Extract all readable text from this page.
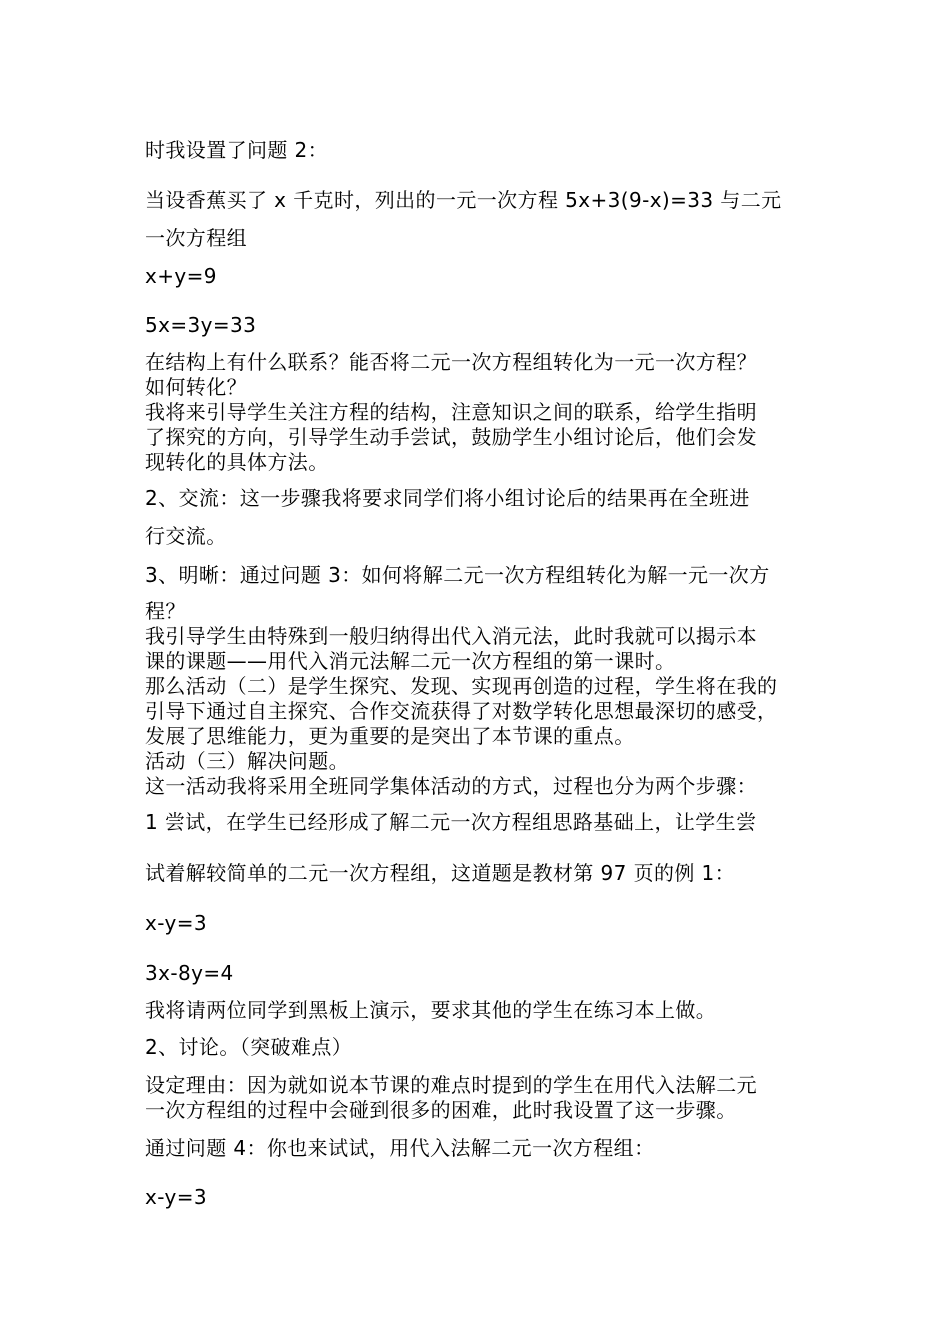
时我设置了问题 2：
当设香蕉买了 x 千克时，列出的一元一次方程 5x+3(9-x)=33 与二元
一次方程组
x+y=9
5x=3y=33
在结构上有什么联系？能否将二元一次方程组转化为一元一次方程？
如何转化？
我将来引导学生关注方程的结构，注意知识之间的联系，给学生指明
了探究的方向，引导学生动手尝试，鼓励学生小组讨论后，他们会发
现转化的具体方法。
2、交流：这一步骤我将要求同学们将小组讨论后的结果再在全班进
行交流。
3、明晰：通过问题 3：如何将解二元一次方程组转化为解一元一次方
程？
我引导学生由特殊到一般归纳得出代入消元法，此时我就可以揭示本
课的课题——用代入消元法解二元一次方程组的第一课时。
那么活动（二）是学生探究、发现、实现再创造的过程，学生将在我的
引导下通过自主探究、合作交流获得了对数学转化思想最深切的感受，
发展了思维能力，更为重要的是突出了本节课的重点。
活动（三）解决问题。
这一活动我将采用全班同学集体活动的方式，过程也分为两个步骤：
1 尝试，在学生已经形成了解二元一次方程组思路基础上，让学生尝
试着解较简单的二元一次方程组，这道题是教材第 97 页的例 1：
x-y=3
3x-8y=4
我将请两位同学到黑板上演示，要求其他的学生在练习本上做。
2、讨论。（突破难点）
设定理由：因为就如说本节课的难点时提到的学生在用代入法解二元
一次方程组的过程中会碰到很多的困难，此时我设置了这一步骤。
通过问题 4：你也来试试，用代入法解二元一次方程组：
x-y=3
